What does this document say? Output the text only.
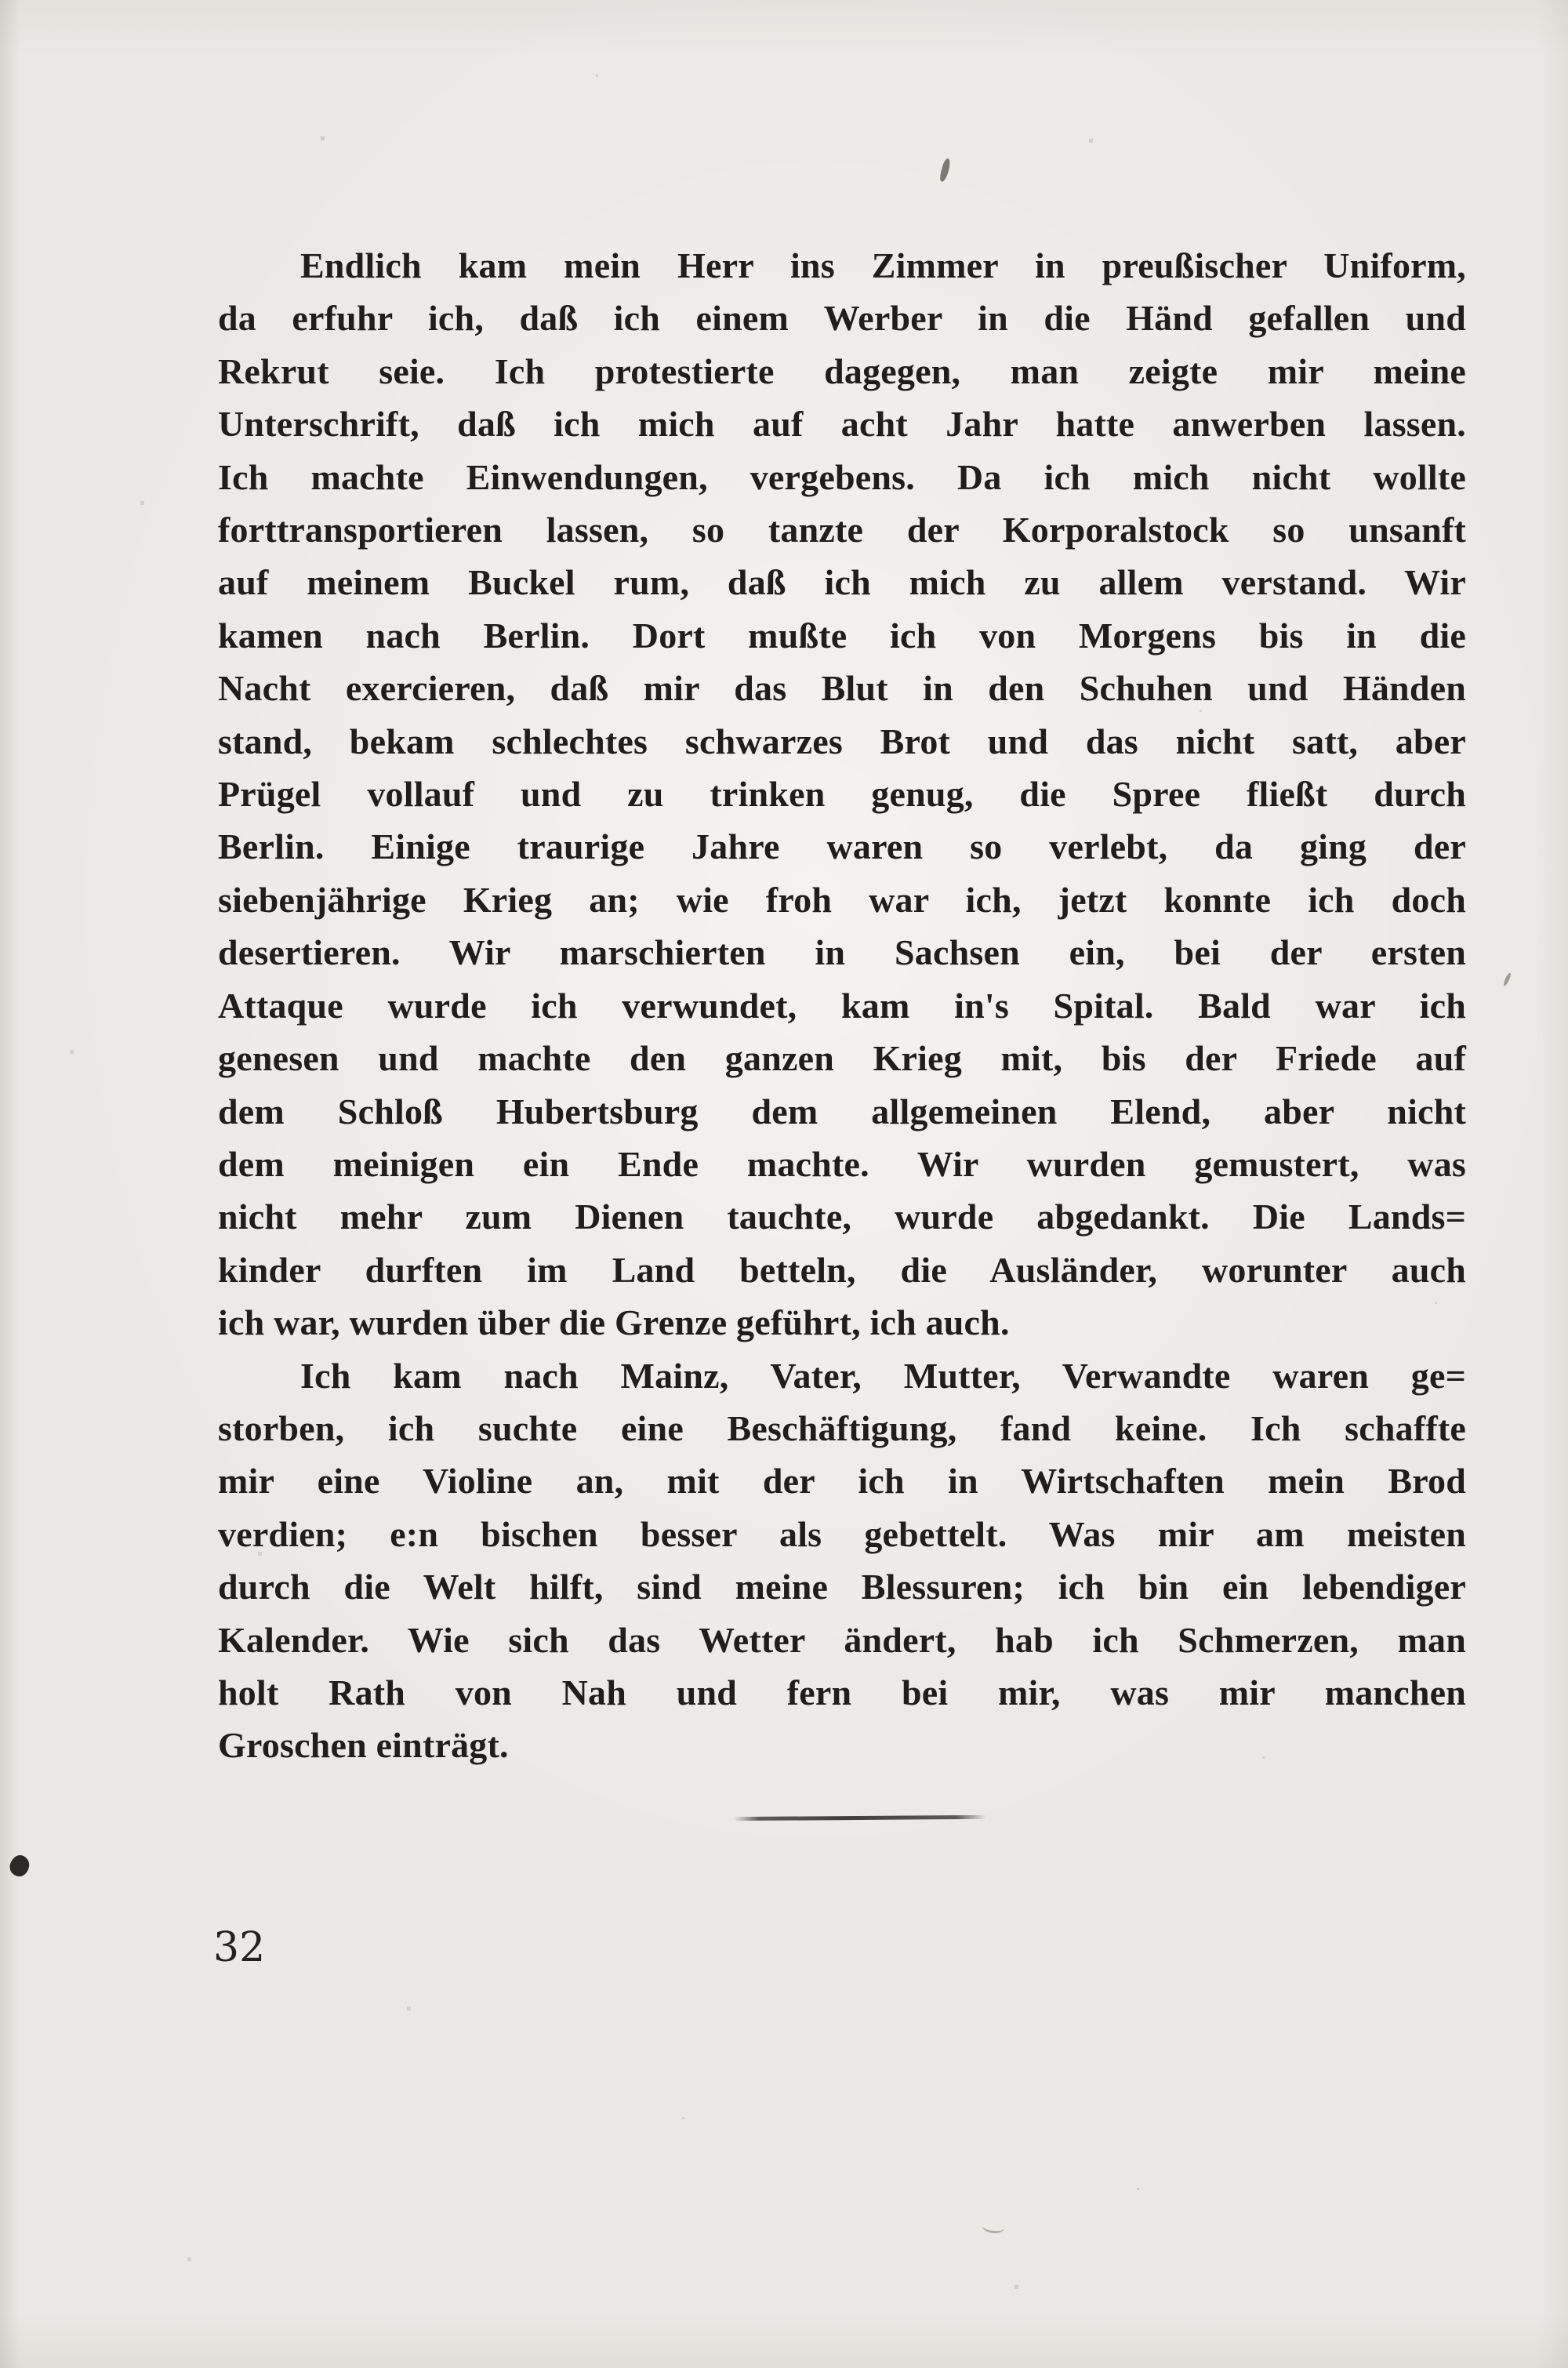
Endlich kam mein Herr ins Zimmer in preußischer Uniform,
da erfuhr ich, daß ich einem Werber in die Händ gefallen und
Rekrut seie. Ich protestierte dagegen, man zeigte mir meine
Unterschrift, daß ich mich auf acht Jahr hatte anwerben lassen.
Ich machte Einwendungen, vergebens. Da ich mich nicht wollte
forttransportieren lassen, so tanzte der Korporalstock so unsanft
auf meinem Buckel rum, daß ich mich zu allem verstand. Wir
kamen nach Berlin. Dort mußte ich von Morgens bis in die
Nacht exercieren, daß mir das Blut in den Schuhen und Händen
stand, bekam schlechtes schwarzes Brot und das nicht satt, aber
Prügel vollauf und zu trinken genug, die Spree fließt durch
Berlin. Einige traurige Jahre waren so verlebt, da ging der
siebenjährige Krieg an; wie froh war ich, jetzt konnte ich doch
desertieren. Wir marschierten in Sachsen ein, bei der ersten
Attaque wurde ich verwundet, kam in's Spital. Bald war ich
genesen und machte den ganzen Krieg mit, bis der Friede auf
dem Schloß Hubertsburg dem allgemeinen Elend, aber nicht
dem meinigen ein Ende machte. Wir wurden gemustert, was
nicht mehr zum Dienen tauchte, wurde abgedankt. Die Lands=
kinder durften im Land betteln, die Ausländer, worunter auch
ich war, wurden über die Grenze geführt, ich auch.
Ich kam nach Mainz, Vater, Mutter, Verwandte waren ge=
storben, ich suchte eine Beschäftigung, fand keine. Ich schaffte
mir eine Violine an, mit der ich in Wirtschaften mein Brod
verdien; e:n bischen besser als gebettelt. Was mir am meisten
durch die Welt hilft, sind meine Blessuren; ich bin ein lebendiger
Kalender. Wie sich das Wetter ändert, hab ich Schmerzen, man
holt Rath von Nah und fern bei mir, was mir manchen
Groschen einträgt.
32
